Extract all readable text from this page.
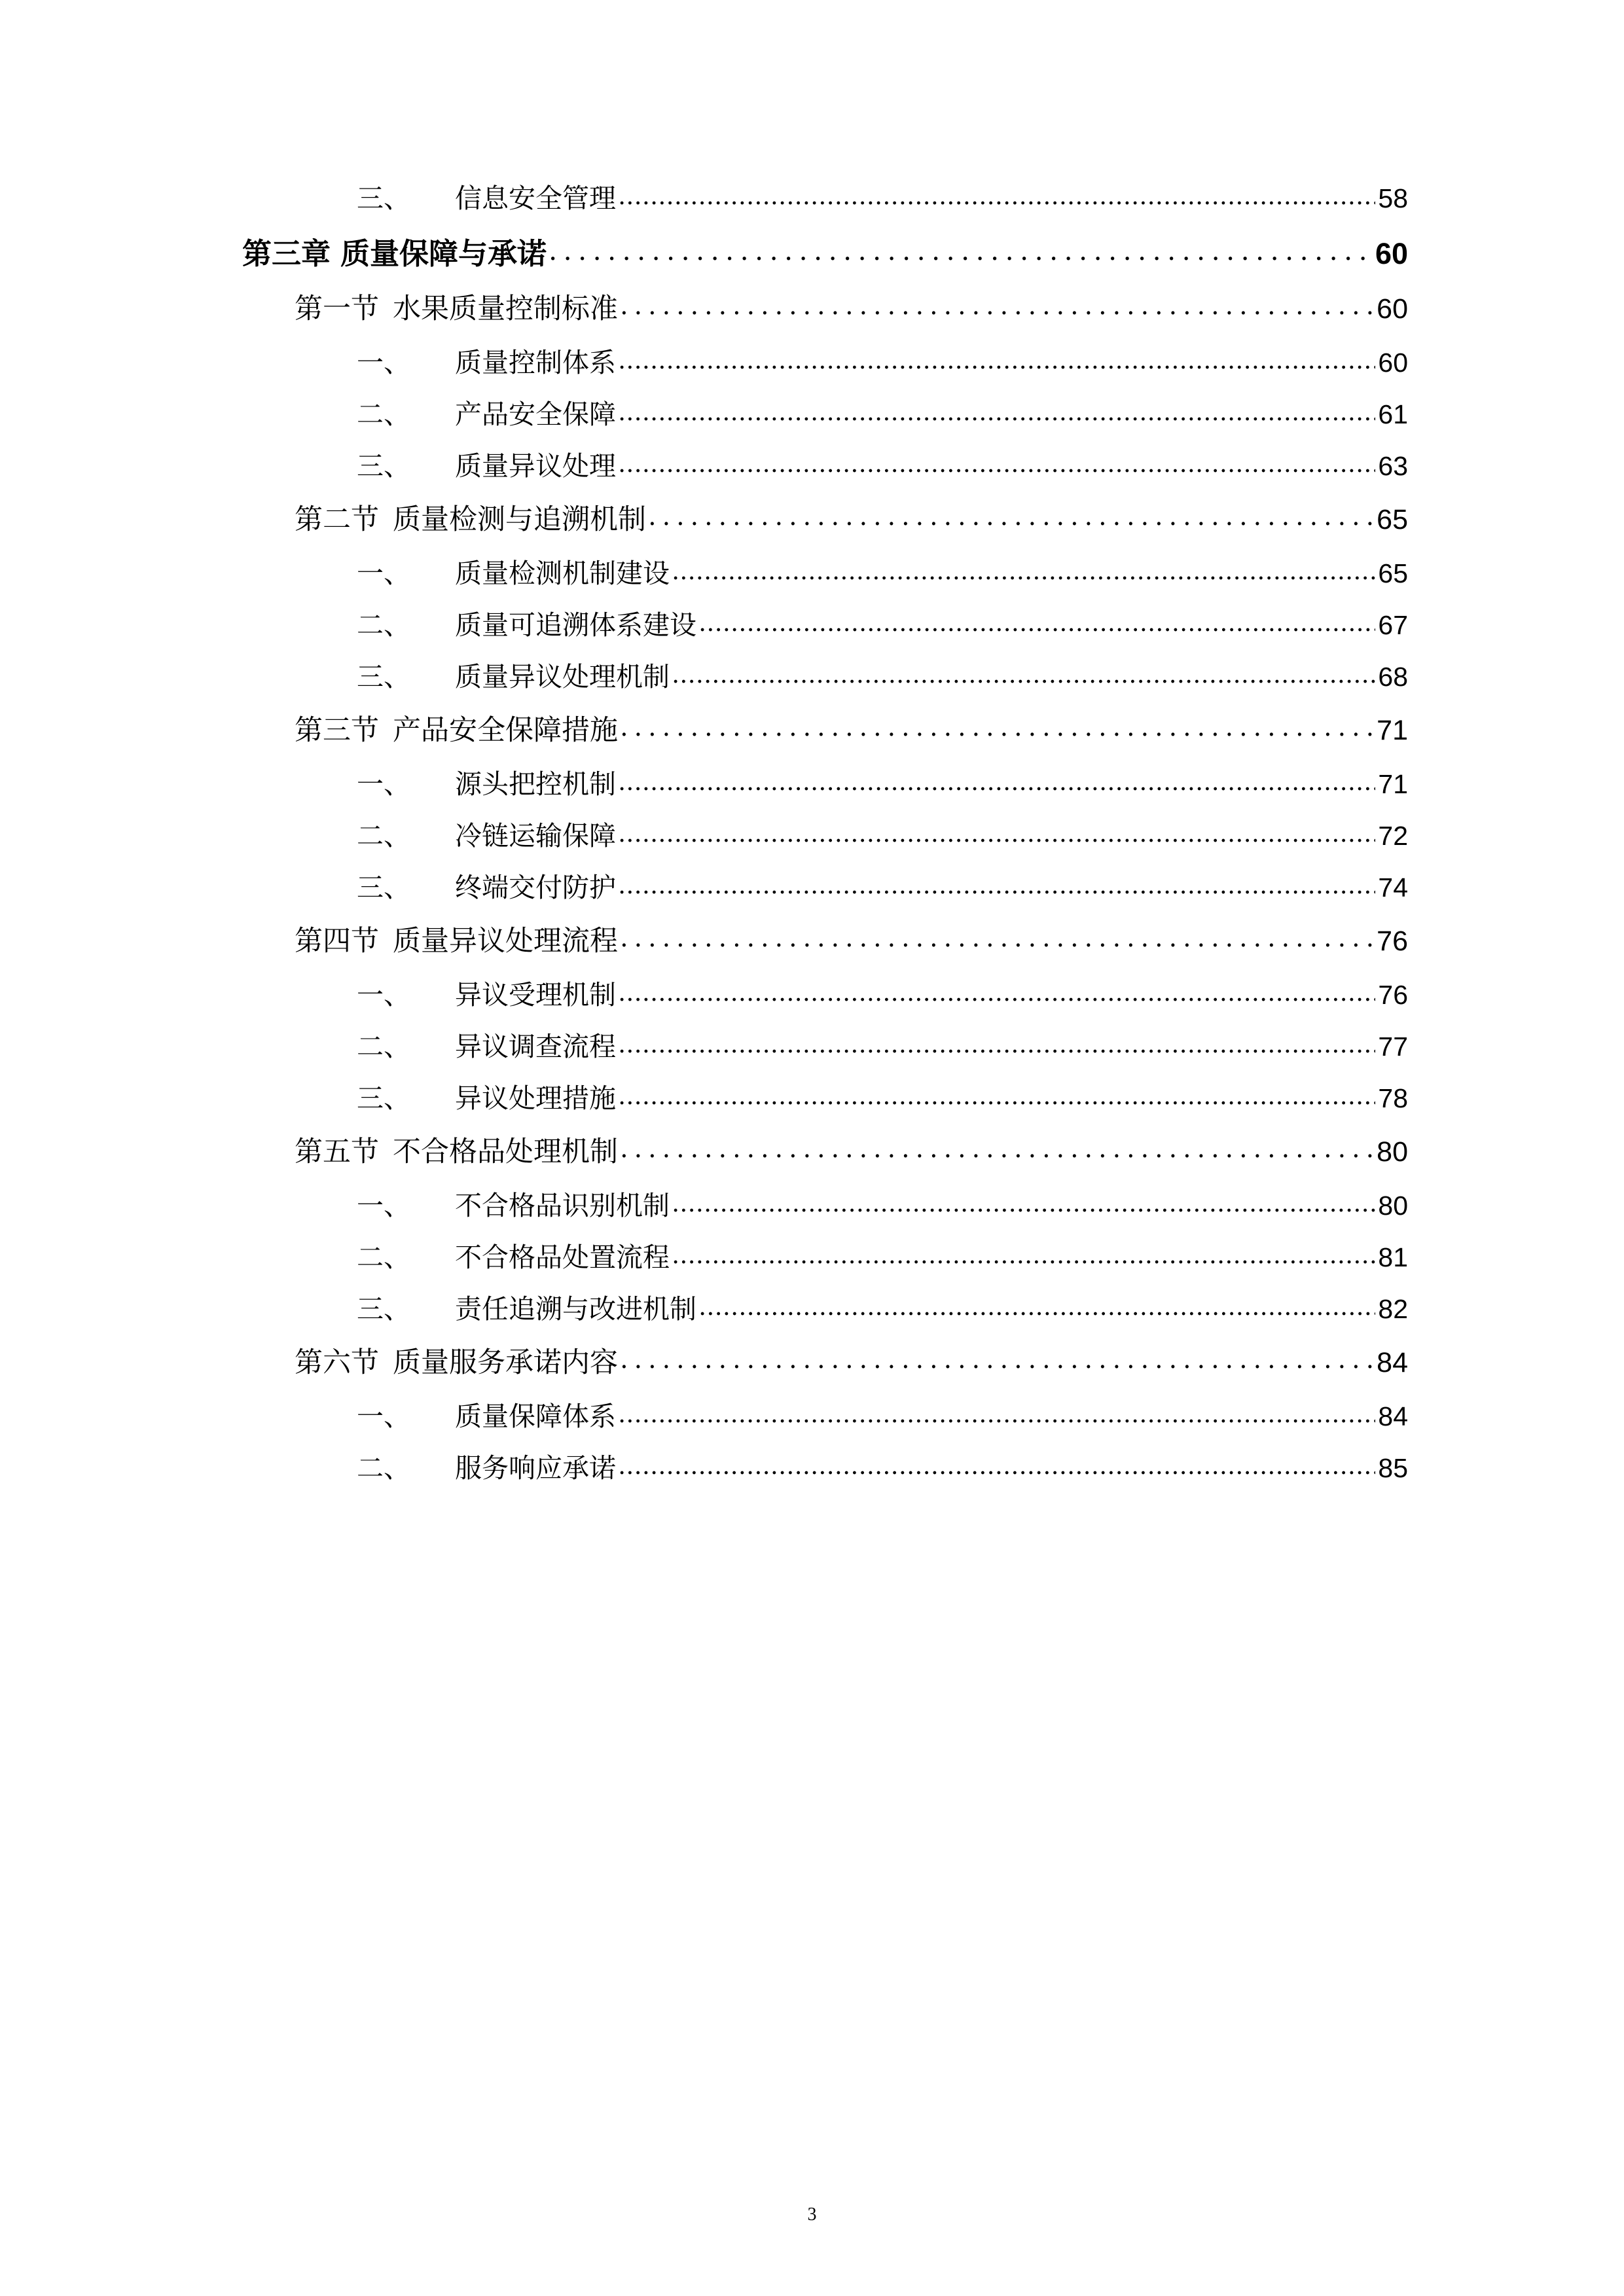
三、 信息安全管理 .....	58
第三章 质量保障与承诺 . . .	60
第一节 水果质量控制标准 . . .	60
一、 质量控制体系 .....	60
二、 产品安全保障 .....	61
三、 质量异议处理 .....	63
第二节 质量检测与追溯机制 . . .	65
一、 质量检测机制建设 .....	65
二、 质量可追溯体系建设 .....	67
三、 质量异议处理机制 .....	68
第三节 产品安全保障措施 . . .	71
一、 源头把控机制 .....	71
二、 冷链运输保障 .....	72
三、 终端交付防护 .....	74
第四节 质量异议处理流程 . . .	76
一、 异议受理机制 .....	76
二、 异议调查流程 .....	77
三、 异议处理措施 .....	78
第五节 不合格品处理机制 . . .	80
一、 不合格品识别机制 .....	80
二、 不合格品处置流程 .....	81
三、 责任追溯与改进机制 .....	82
第六节 质量服务承诺内容 . . .	84
一、 质量保障体系 .....	84
二、 服务响应承诺 .....	85
3
